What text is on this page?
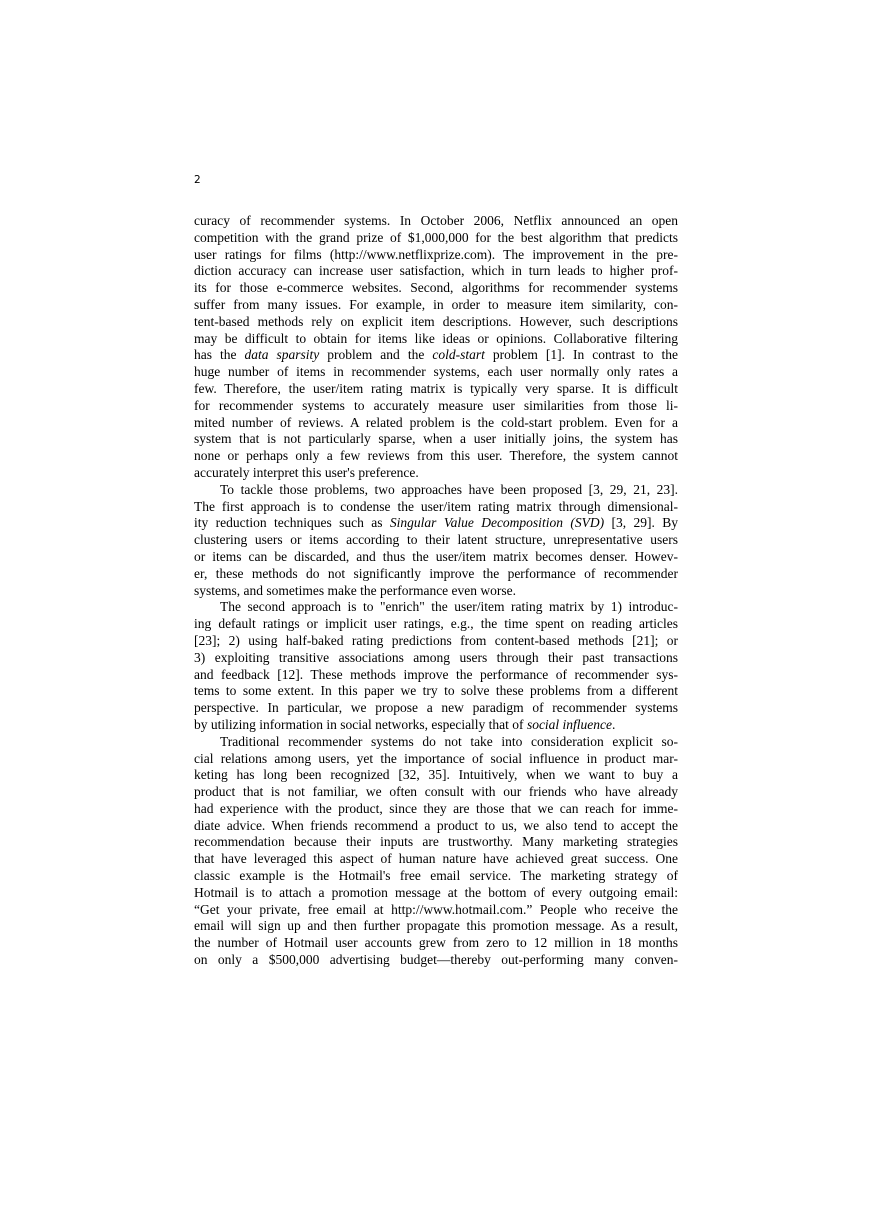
2

curacy of recommender systems. In October 2006, Netflix announced an open
competition with the grand prize of $1,000,000 for the best algorithm that predicts
user ratings for films (http://www.netflixprize.com). The improvement in the pre-
diction accuracy can increase user satisfaction, which in turn leads to higher prof-
its for those e-commerce websites. Second, algorithms for recommender systems
suffer from many issues. For example, in order to measure item similarity, con-
tent-based methods rely on explicit item descriptions. However, such descriptions
may be difficult to obtain for items like ideas or opinions. Collaborative filtering
has the data sparsity problem and the cold-start problem [1]. In contrast to the
huge number of items in recommender systems, each user normally only rates a
few. Therefore, the user/item rating matrix is typically very sparse. It is difficult
for recommender systems to accurately measure user similarities from those li-
mited number of reviews. A related problem is the cold-start problem. Even for a
system that is not particularly sparse, when a user initially joins, the system has
none or perhaps only a few reviews from this user. Therefore, the system cannot

accurately interpret this user's preference.

To tackle those problems, two approaches have been proposed [3, 29, 21, 23].
The first approach is to condense the user/item rating matrix through dimensional-
ity reduction techniques such as Singular Value Decomposition (SVD) [3, 29]. By
clustering users or items according to their latent structure, unrepresentative users
or items can be discarded, and thus the user/item matrix becomes denser. Howev-
er, these methods do not significantly improve the performance of recommender

systems, and sometimes make the performance even worse.

The second approach is to "enrich" the user/item rating matrix by 1) introduc-
ing default ratings or implicit user ratings, e.g., the time spent on reading articles
[23]; 2) using half-baked rating predictions from content-based methods [21]; or
3) exploiting transitive associations among users through their past transactions
and feedback [12]. These methods improve the performance of recommender sys-
tems to some extent. In this paper we try to solve these problems from a different
perspective. In particular, we propose a new paradigm of recommender systems

by utilizing information in social networks, especially that of social influence.

Traditional recommender systems do not take into consideration explicit so-
cial relations among users, yet the importance of social influence in product mar-
keting has long been recognized [32, 35]. Intuitively, when we want to buy a
product that is not familiar, we often consult with our friends who have already
had experience with the product, since they are those that we can reach for imme-
diate advice. When friends recommend a product to us, we also tend to accept the
recommendation because their inputs are trustworthy. Many marketing strategies
that have leveraged this aspect of human nature have achieved great success. One
classic example is the Hotmail's free email service. The marketing strategy of
Hotmail is to attach a promotion message at the bottom of every outgoing email:
“Get your private, free email at http://www.hotmail.com.” People who receive the
email will sign up and then further propagate this promotion message. As a result,
the number of Hotmail user accounts grew from zero to 12 million in 18 months
on only a $500,000 advertising budget—thereby out-performing many conven-
